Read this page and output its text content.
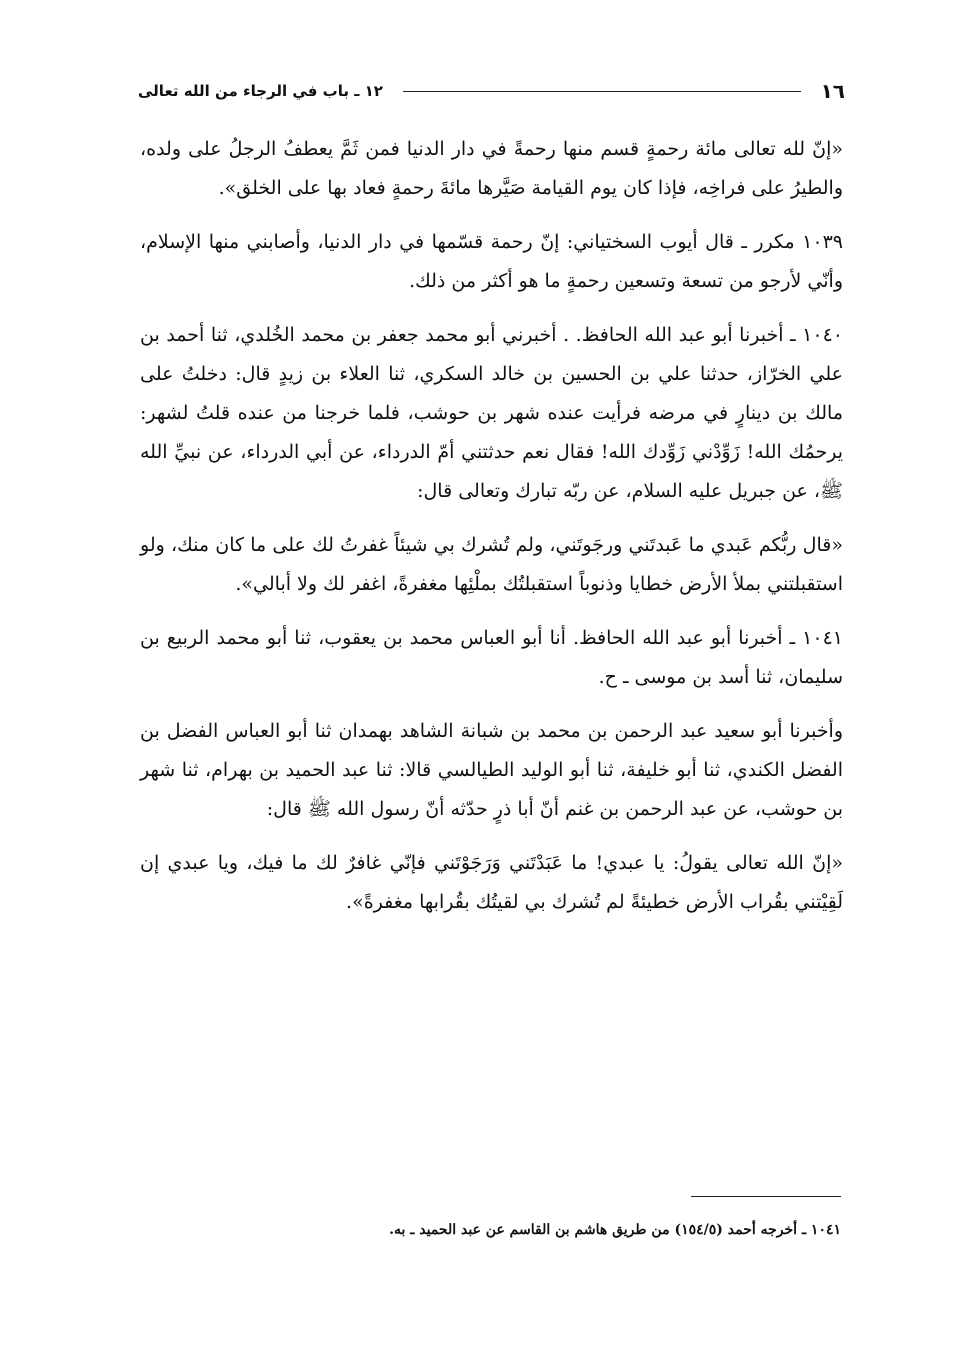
١٦
١٢ ـ باب في الرجاء من الله تعالى

«إنّ لله تعالى مائة رحمةٍ قسم منها رحمةً في دار الدنيا فمن ثَمَّ يعطفُ الرجلُ على ولده، والطيرُ على فراخِه، فإذا كان يوم القيامة صَيَّرها مائةَ رحمةٍ فعاد بها على الخلق».

١٠٣٩ مكرر ـ قال أيوب السختياني: إنّ رحمة قسّمها في دار الدنيا، وأصابني منها الإسلام، وأنّي لأرجو من تسعة وتسعين رحمةٍ ما هو أكثر من ذلك.

١٠٤٠ ـ أخبرنا أبو عبد الله الحافظ. . أخبرني أبو محمد جعفر بن محمد الخُلدي، ثنا أحمد بن علي الخرّاز، حدثنا علي بن الحسين بن خالد السكري، ثنا العلاء بن زيدٍ قال: دخلتُ على مالك بن دينارٍ في مرضه فرأيت عنده شهر بن حوشب، فلما خرجنا من عنده قلتُ لشهر: يرحمُك الله! زَوِّدْني زَوِّدك الله! فقال نعم حدثتني أمّ الدرداء، عن أبي الدرداء، عن نبيِّ الله ﷺ، عن جبريل عليه السلام، عن ربّه تبارك وتعالى قال:

«قال ربُّكم عَبدي ما عَبدتَني ورجَوتَني، ولم تُشرك بي شيئاً غفرتُ لك على ما كان منك، ولو استقبلتني بملأ الأرض خطايا وذنوباً استقبلتُك بملْئِها مغفرةً، اغفر لك ولا أبالي».

١٠٤١ ـ أخبرنا أبو عبد الله الحافظ. أنا أبو العباس محمد بن يعقوب، ثنا أبو محمد الربيع بن سليمان، ثنا أسد بن موسى ـ ح.

وأخبرنا أبو سعيد عبد الرحمن بن محمد بن شبانة الشاهد بهمدان ثنا أبو العباس الفضل بن الفضل الكندي، ثنا أبو خليفة، ثنا أبو الوليد الطيالسي قالا: ثنا عبد الحميد بن بهرام، ثنا شهر بن حوشب، عن عبد الرحمن بن غنم أنّ أبا ذرٍ حدّثه أنّ رسول الله ﷺ قال:

«إنّ الله تعالى يقولُ: يا عبدي! ما عَبَدْتَني وَرَجَوْتَني فإنّي غافرٌ لك ما فيك، ويا عبدي إن لَقِيْتني بقُراب الأرض خطيئةً لم تُشرك بي لقيتُك بقُرابها مغفرةً».

١٠٤١ ـ أخرجه أحمد (١٥٤/٥) من طريق هاشم بن القاسم عن عبد الحميد ـ به.
